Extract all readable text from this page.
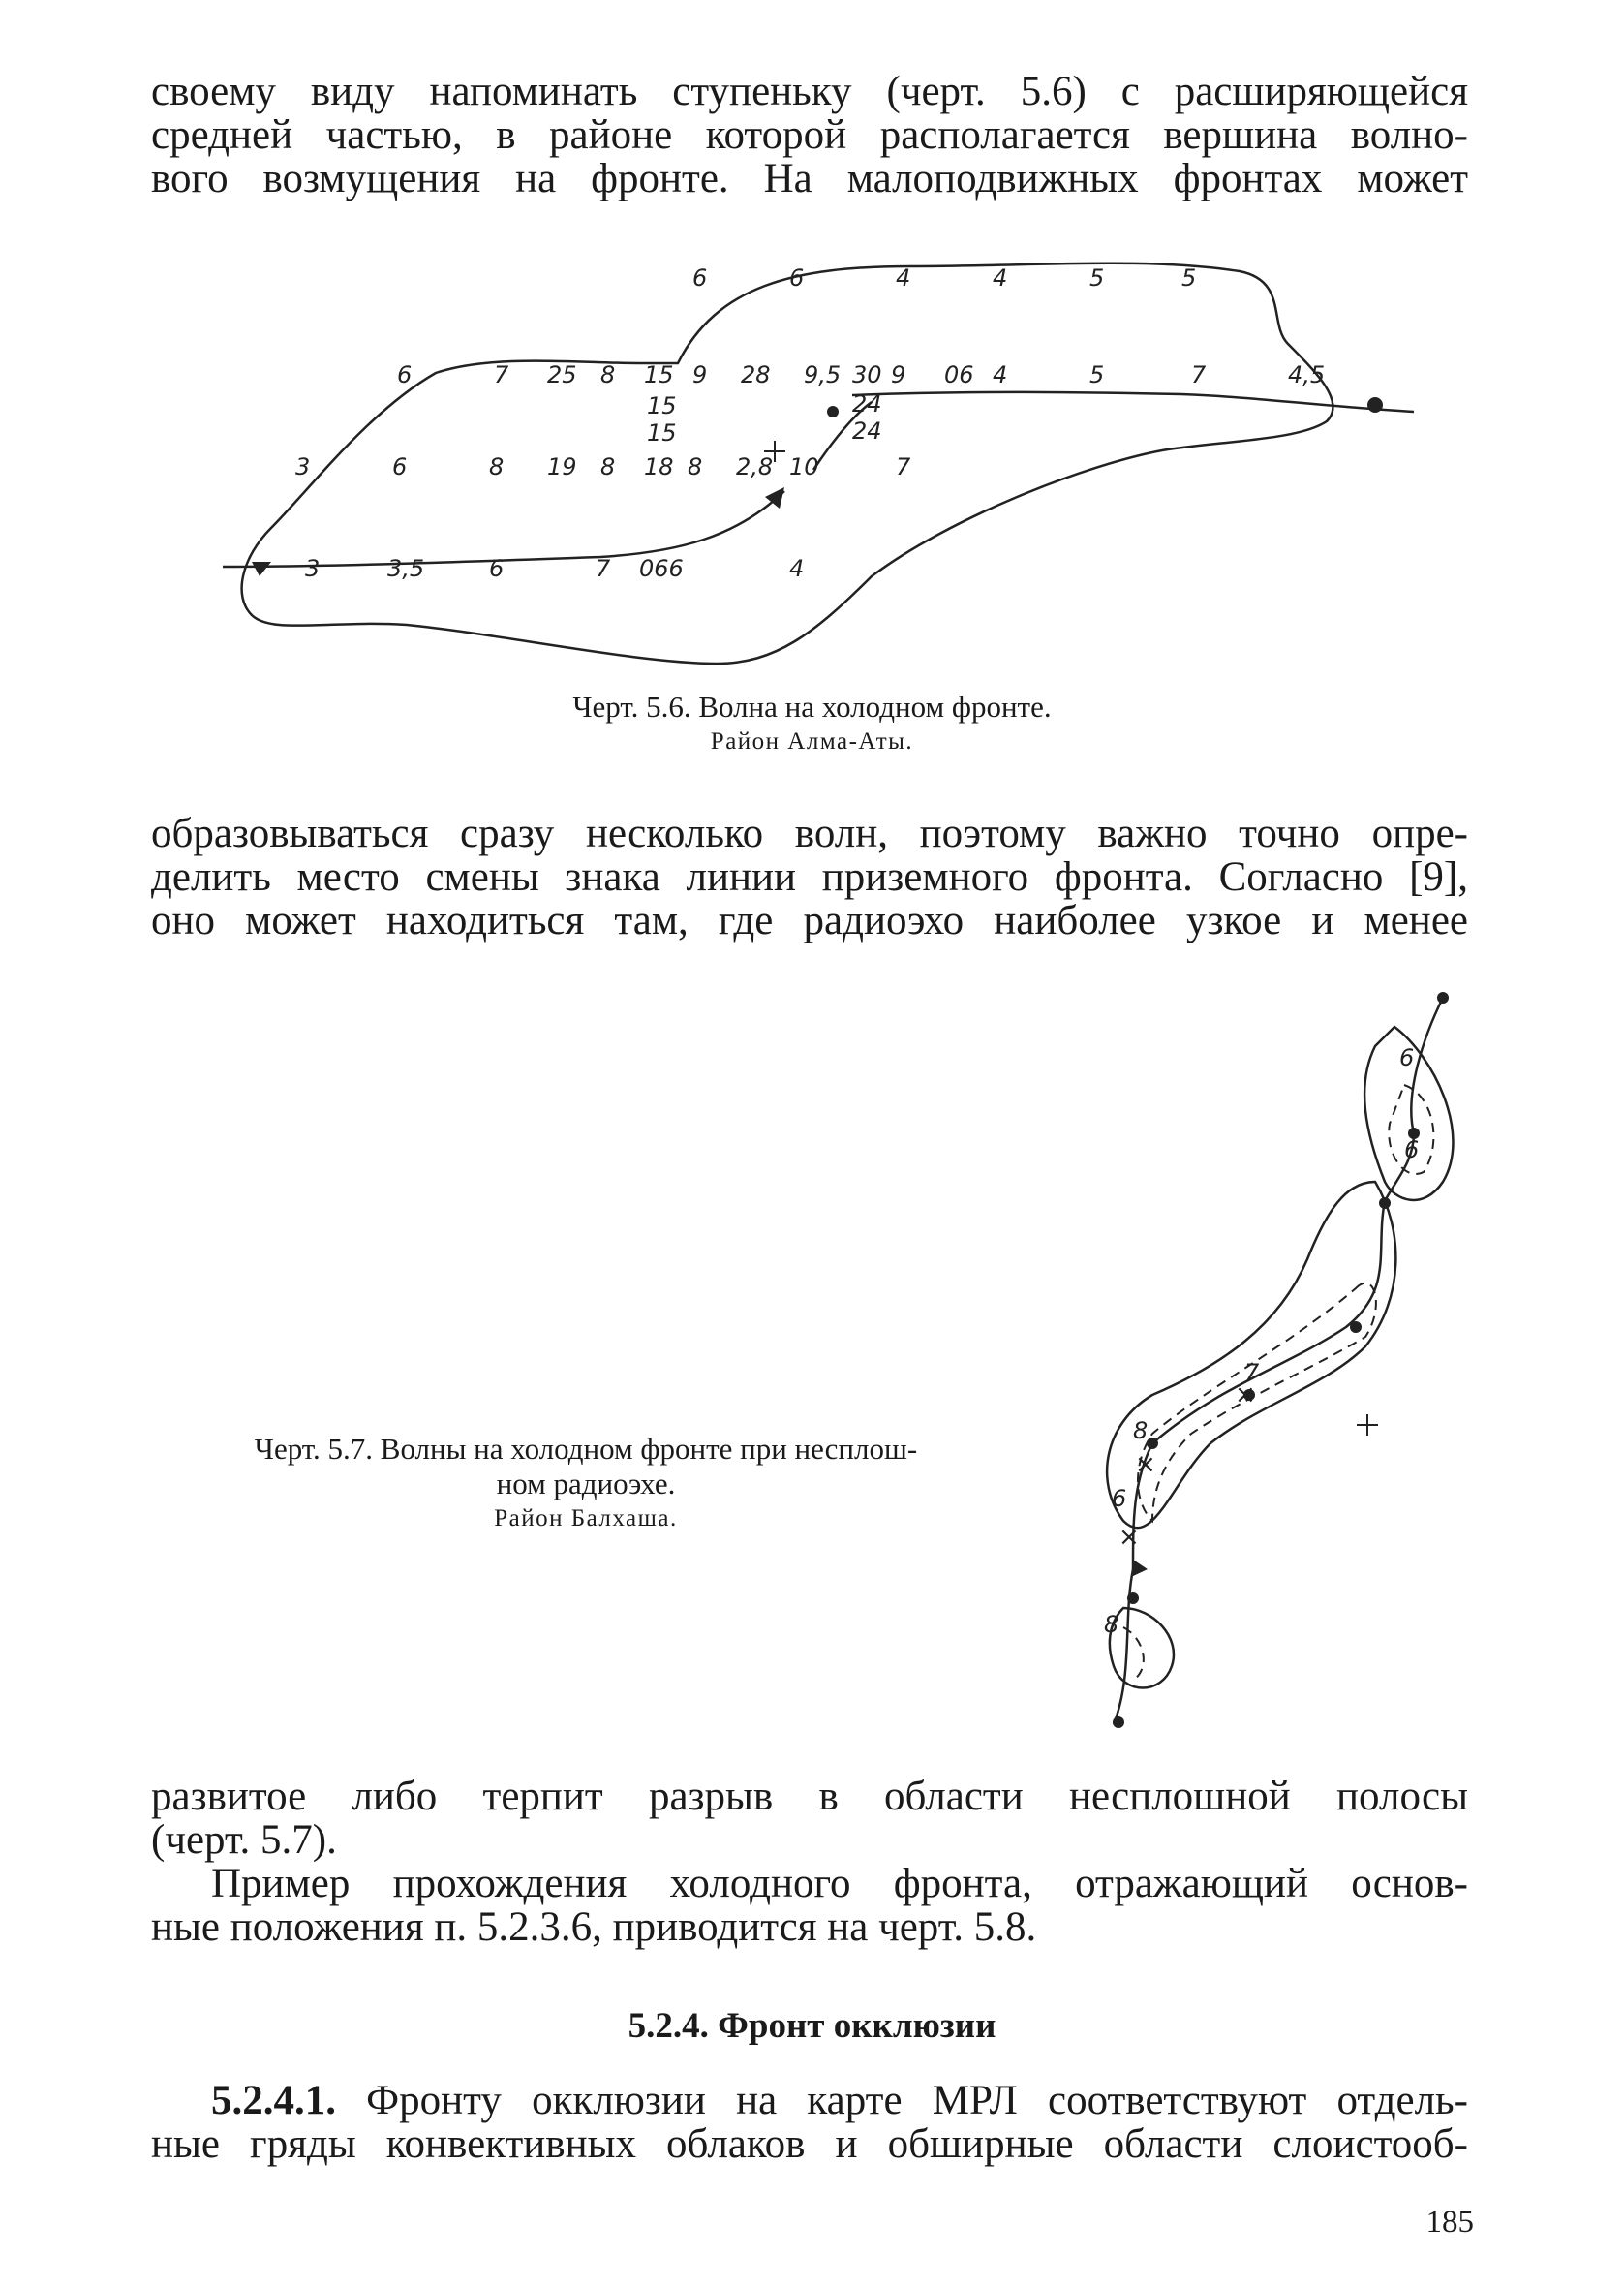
своему виду напоминать ступеньку (черт. 5.6) с расширяющейся
средней частью, в районе которой располагается вершина волно-
вого возмущения на фронте. На малоподвижных фронтах может
6	6	4	4	5	5
6	7 25 8 15 9 28 9,5 30 9 06 4	5	7	4,5
15
15
24
24
3	6	8 19 8 18 8 2,8 10	7
3	3,5	6	7 066	4

Черт. 5.6. Волна на холодном фронте.
Район Алма-Аты.

образовываться сразу несколько волн, поэтому важно точно опре-
делить место смены знака линии приземного фронта. Согласно [9],
оно может находиться там, где радиоэхо наиболее узкое и менее
6
6
7
8
6
8
×
×
×

Черт. 5.7. Волны на холодном фронте при несплош-
ном радиоэхе.
Район Балхаша.

развитое либо терпит разрыв в области несплошной полосы
(черт. 5.7).
Пример прохождения холодного фронта, отражающий основ-
ные положения п. 5.2.3.6, приводится на черт. 5.8.

5.2.4. Фронт окклюзии

5.2.4.1. Фронту окклюзии на карте МРЛ соответствуют отдель-
ные гряды конвективных облаков и обширные области слоистооб-

185
